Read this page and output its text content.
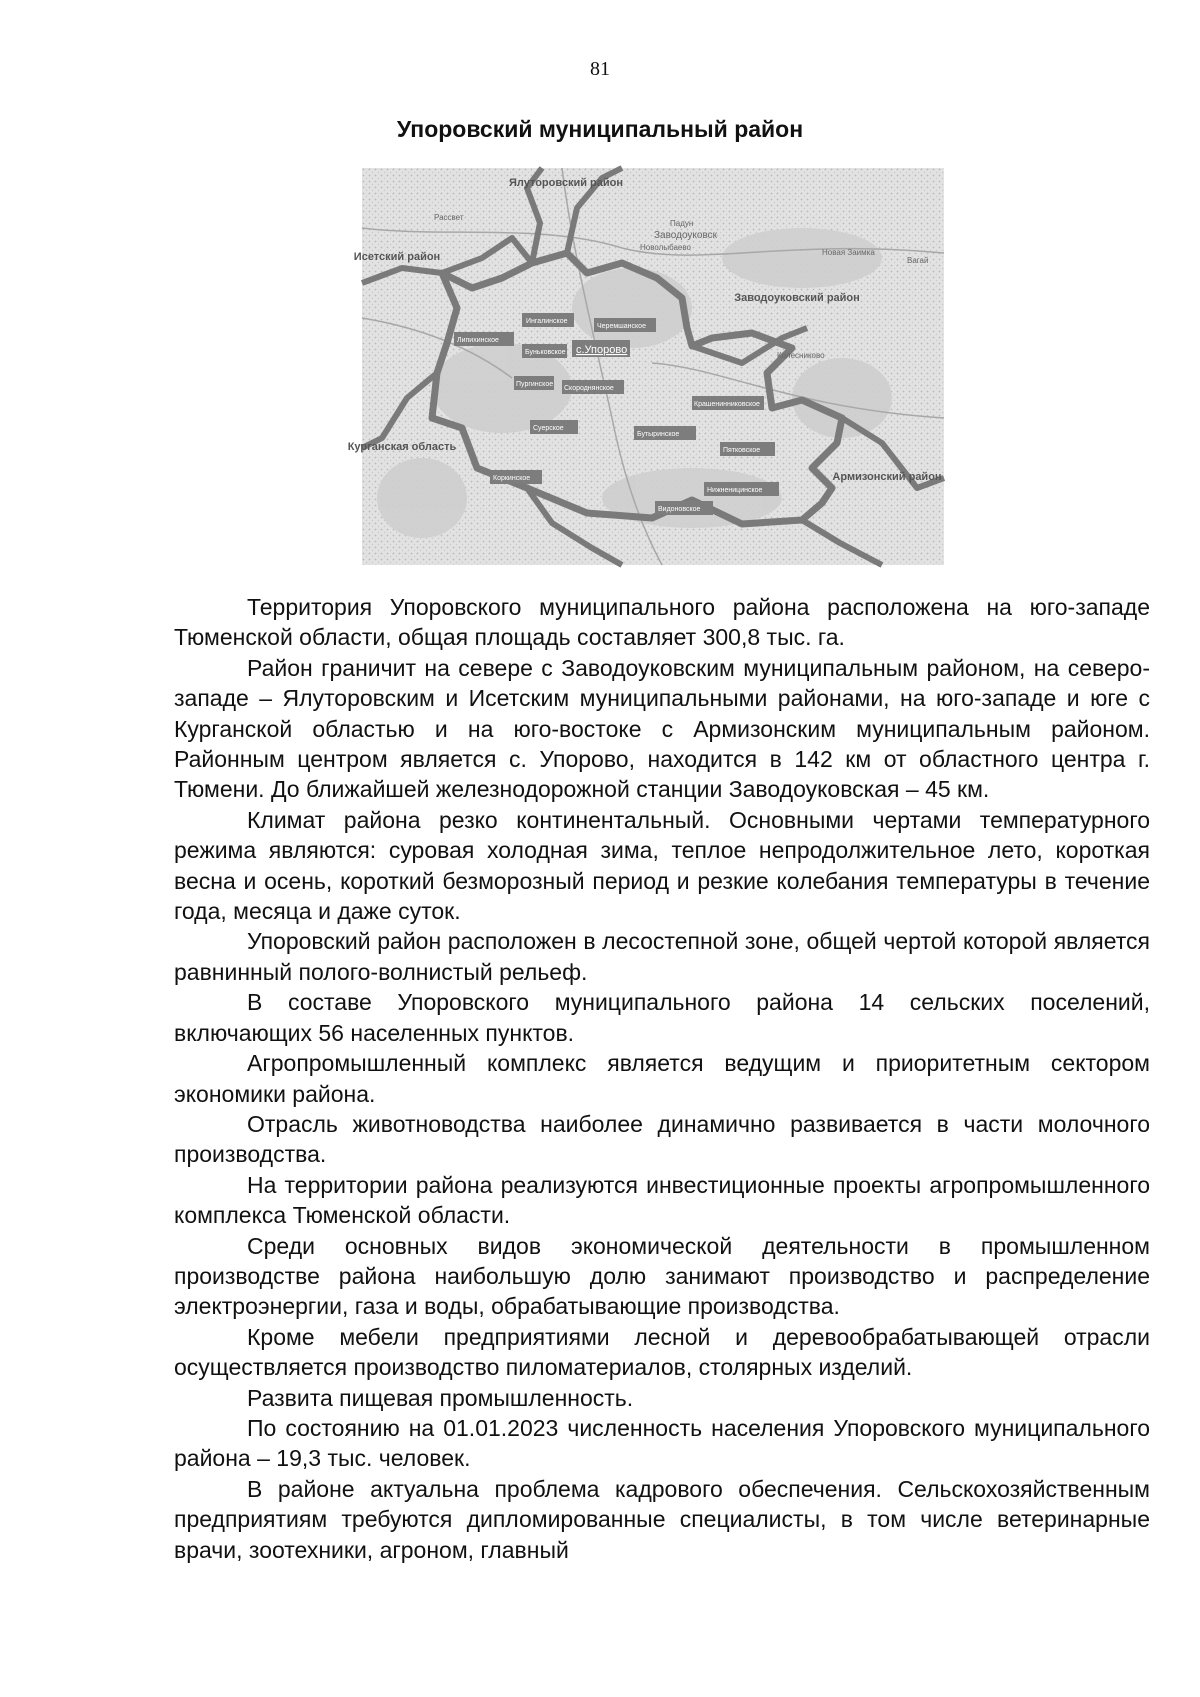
81
Упоровский муниципальный район
Ялуторовский район
Исетский район
Заводоуковский район
Курганская область
Армизонский район
Заводоуковск
Рассвет
Падун
Новолыбаево
Новая Заимка
Вагай
Колесниково
Ингалинское
Черемшанское
Липихинское
Буньковское с.Упорово
Пургинское
Скороднянское
Крашенинниковское
Бутыринское
Суерское
Пятковское
Коркинское
Нижненицинское
Видоновское

Территория Упоровского муниципального района расположена на юго-западе Тюменской области, общая площадь составляет 300,8 тыс. га.

Район граничит на севере с Заводоуковским муниципальным районом, на северо-западе – Ялуторовским и Исетским муниципальными районами, на юго-западе и юге с Курганской областью и на юго-востоке с Армизонским муниципальным районом. Районным центром является с. Упорово, находится в 142 км от областного центра г. Тюмени. До ближайшей железнодорожной станции Заводоуковская – 45 км.

Климат района резко континентальный. Основными чертами температурного режима являются: суровая холодная зима, теплое непродолжительное лето, короткая весна и осень, короткий безморозный период и резкие колебания температуры в течение года, месяца и даже суток.

Упоровский район расположен в лесостепной зоне, общей чертой которой является равнинный полого-волнистый рельеф.

В составе Упоровского муниципального района 14 сельских поселений, включающих 56 населенных пунктов.

Агропромышленный комплекс является ведущим и приоритетным сектором экономики района.

Отрасль животноводства наиболее динамично развивается в части молочного производства.

На территории района реализуются инвестиционные проекты агропромышленного комплекса Тюменской области.

Среди основных видов экономической деятельности в промышленном производстве района наибольшую долю занимают производство и распределение электроэнергии, газа и воды, обрабатывающие производства.

Кроме мебели предприятиями лесной и деревообрабатывающей отрасли осуществляется производство пиломатериалов, столярных изделий.

Развита пищевая промышленность.

По состоянию на 01.01.2023 численность населения Упоровского муниципального района – 19,3 тыс. человек.

В районе актуальна проблема кадрового обеспечения. Сельскохозяйственным предприятиям требуются дипломированные специалисты, в том числе ветеринарные врачи, зоотехники, агроном, главный
